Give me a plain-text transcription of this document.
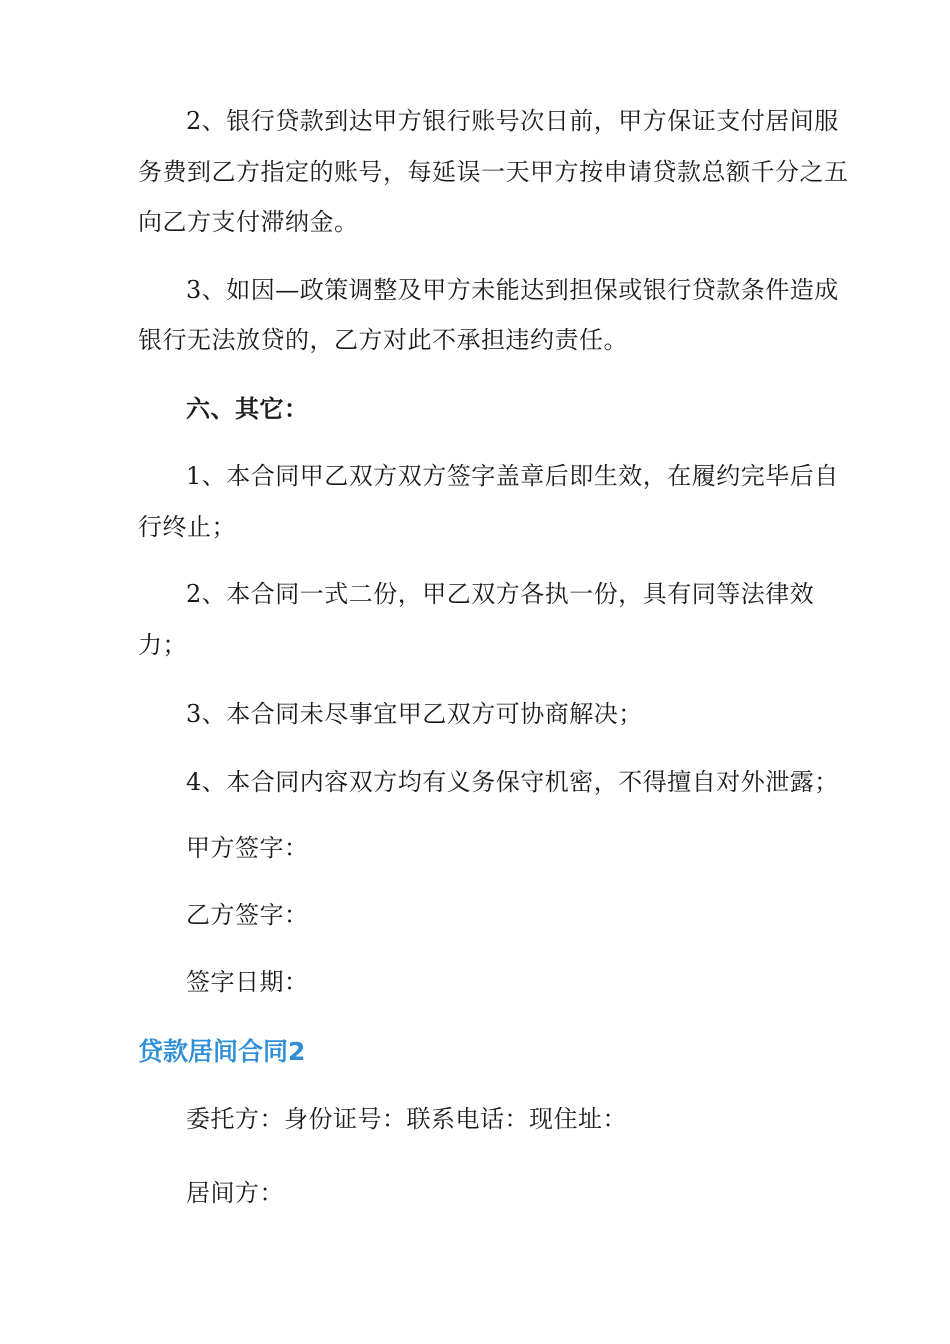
2、银行贷款到达甲方银行账号次日前，甲方保证支付居间服
务费到乙方指定的账号，每延误一天甲方按申请贷款总额千分之五
向乙方支付滞纳金。
3、如因—政策调整及甲方未能达到担保或银行贷款条件造成
银行无法放贷的，乙方对此不承担违约责任。
六、其它：
1、本合同甲乙双方双方签字盖章后即生效，在履约完毕后自
行终止；
2、本合同一式二份，甲乙双方各执一份，具有同等法律效
力；
3、本合同未尽事宜甲乙双方可协商解决；
4、本合同内容双方均有义务保守机密，不得擅自对外泄露；
甲方签字：
乙方签字：
签字日期：
贷款居间合同2
委托方：身份证号：联系电话：现住址：
居间方：
